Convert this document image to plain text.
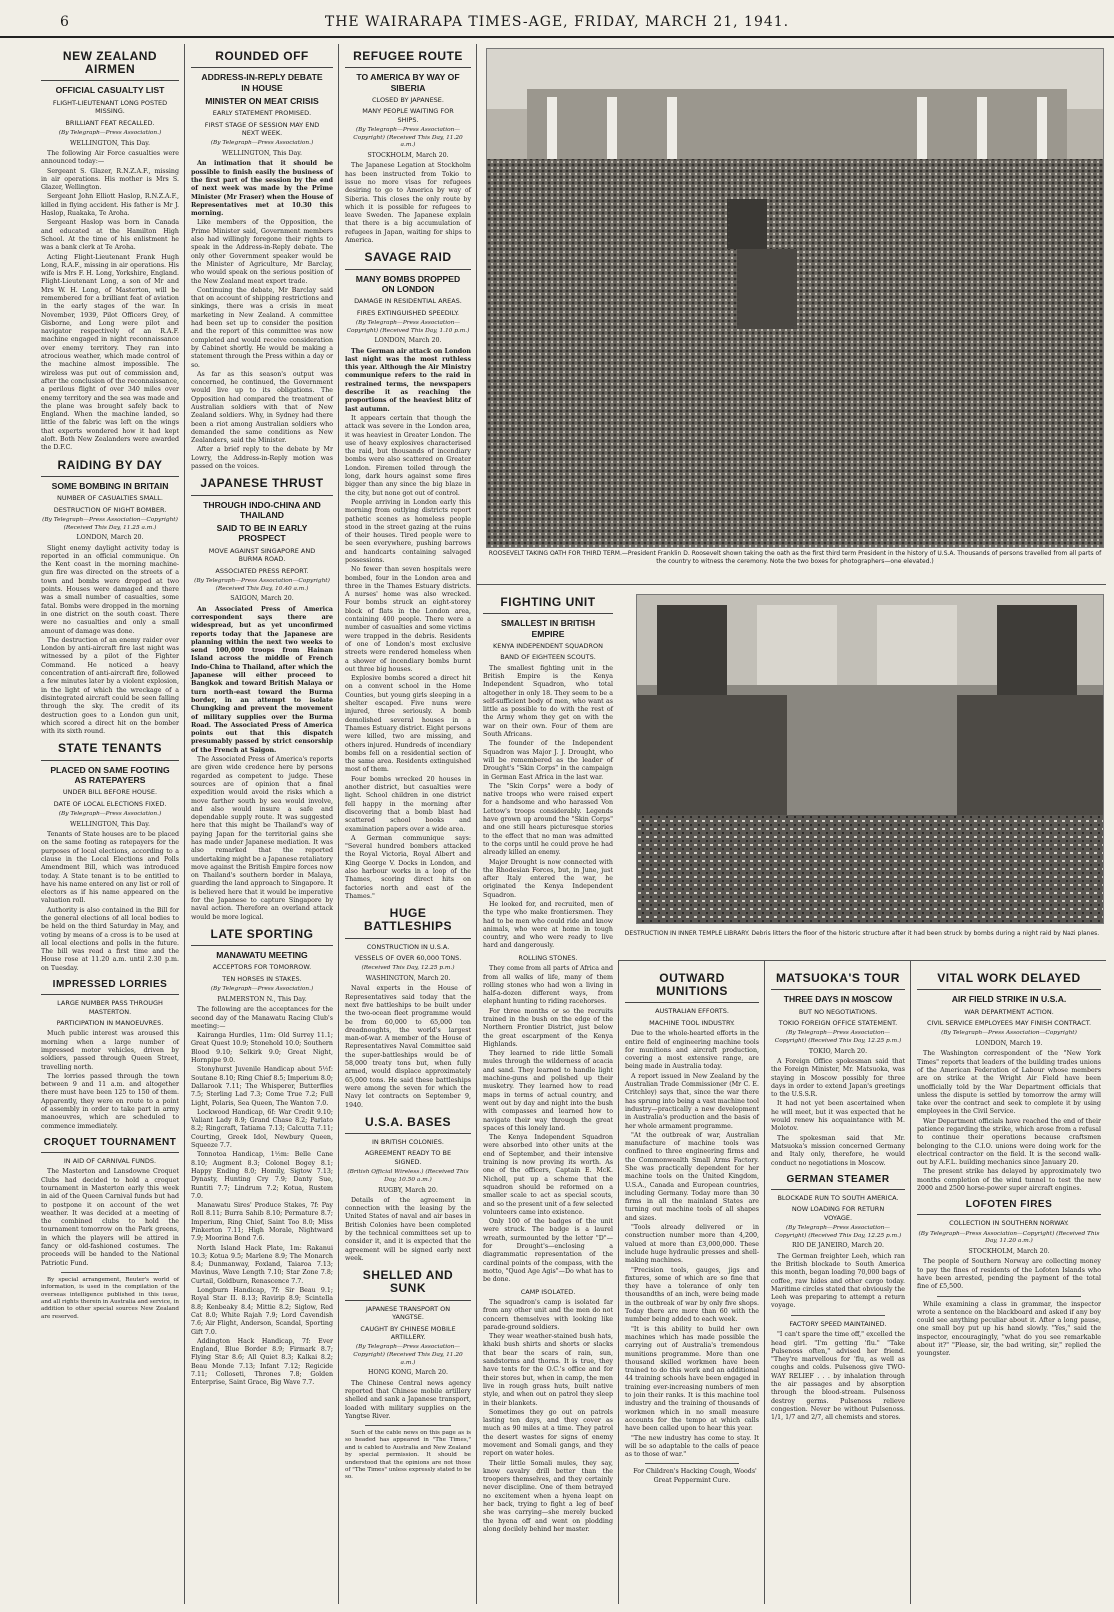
6	THE WAIRARAPA TIMES-AGE, FRIDAY, MARCH 21, 1941.
ROOSEVELT TAKING OATH FOR THIRD TERM.—President Franklin D. Roosevelt shown taking the oath as the first third term President in the history of U.S.A. Thousands of persons travelled from all parts of the country to witness the ceremony. Note the two boxes for photographers—one elevated.)
DESTRUCTION IN INNER TEMPLE LIBRARY. Debris litters the floor of the historic structure after it had been struck by bombs during a night raid by Nazi planes.
NEW ZEALAND AIRMEN
OFFICIAL CASUALTY LIST
FLIGHT-LIEUTENANT LONG POSTED MISSING.
BRILLIANT FEAT RECALLED.
(By Telegraph—Press Association.)
WELLINGTON, This Day.

The following Air Force casualties were announced today:—

Sergeant S. Glazer, R.N.Z.A.F., missing in air operations. His mother is Mrs S. Glazer, Wellington.

Sergeant John Elliott Haslop, R.N.Z.A.F., killed in flying accident. His father is Mr J. Haslop, Ruakaka, Te Aroha.

Sergeant Haslop was born in Canada and educated at the Hamilton High School. At the time of his enlistment he was a bank clerk at Te Aroha.

Acting Flight-Lieutenant Frank Hugh Long, R.A.F., missing in air operations. His wife is Mrs F. H. Long, Yorkshire, England. Flight-Lieutenant Long, a son of Mr and Mrs W. H. Long, of Masterton, will be remembered for a brilliant feat of aviation in the early stages of the war. In November, 1939, Pilot Officers Grey, of Gisborne, and Long were pilot and navigator respectively of an R.A.F. machine engaged in night reconnaissance over enemy territory. They ran into atrocious weather, which made control of the machine almost impossible. The wireless was put out of commission and, after the conclusion of the reconnaissance, a perilous flight of over 340 miles over enemy territory and the sea was made and the plane was brought safely back to England. When the machine landed, so little of the fabric was left on the wings that experts wondered how it had kept aloft. Both New Zealanders were awarded the D.F.C.

RAIDING BY DAY
SOME BOMBING IN BRITAIN
NUMBER OF CASUALTIES SMALL.
DESTRUCTION OF NIGHT BOMBER.
(By Telegraph—Press Association—Copyright) (Received This Day, 11.25 a.m.)
LONDON, March 20.

Slight enemy daylight activity today is reported in an official communique. On the Kent coast in the morning machine-gun fire was directed on the streets of a town and bombs were dropped at two points. Houses were damaged and there was a small number of casualties, some fatal. Bombs were dropped in the morning in one district on the south coast. There were no casualties and only a small amount of damage was done.

The destruction of an enemy raider over London by anti-aircraft fire last night was witnessed by a pilot of the Fighter Command. He noticed a heavy concentration of anti-aircraft fire, followed a few minutes later by a violent explosion, in the light of which the wreckage of a disintegrated aircraft could be seen falling through the sky. The credit of its destruction goes to a London gun unit, which scored a direct hit on the bomber with its sixth round.

STATE TENANTS
PLACED ON SAME FOOTING AS RATEPAYERS
UNDER BILL BEFORE HOUSE.
DATE OF LOCAL ELECTIONS FIXED.
(By Telegraph—Press Association.)
WELLINGTON, This Day.

Tenants of State houses are to be placed on the same footing as ratepayers for the purposes of local elections, according to a clause in the Local Elections and Polls Amendment Bill, which was introduced today. A State tenant is to be entitled to have his name entered on any list or roll of electors as if his name appeared on the valuation roll.

Authority is also contained in the Bill for the general elections of all local bodies to be held on the third Saturday in May, and voting by means of a cross is to be used at all local elections and polls in the future. The bill was read a first time and the House rose at 11.20 a.m. until 2.30 p.m. on Tuesday.

IMPRESSED LORRIES
LARGE NUMBER PASS THROUGH MASTERTON.
PARTICIPATION IN MANOEUVRES.

Much public interest was aroused this morning when a large number of impressed motor vehicles, driven by soldiers, passed through Queen Street, travelling north.

The lorries passed through the town between 9 and 11 a.m. and altogether there must have been 125 to 150 of them. Apparently, they were en route to a point of assembly in order to take part in army manoeuvres, which are scheduled to commence immediately.

CROQUET TOURNAMENT
IN AID OF CARNIVAL FUNDS.

The Masterton and Lansdowne Croquet Clubs had decided to hold a croquet tournament in Masterton early this week in aid of the Queen Carnival funds but had to postpone it on account of the wet weather. It was decided at a meeting of the combined clubs to hold the tournament tomorrow on the Park greens, in which the players will be attired in fancy or old-fashioned costumes. The proceeds will be handed to the National Patriotic Fund.

By special arrangement, Reuter's world of information, is used in the compilation of the overseas intelligence published in this issue, and all rights therein in Australia and service, in addition to other special sources New Zealand are reserved.

ROUNDED OFF
ADDRESS-IN-REPLY DEBATE IN HOUSE
MINISTER ON MEAT CRISIS
EARLY STATEMENT PROMISED.
FIRST STAGE OF SESSION MAY END NEXT WEEK.
(By Telegraph—Press Association.)
WELLINGTON, This Day.

An intimation that it should be possible to finish easily the business of the first part of the session by the end of next week was made by the Prime Minister (Mr Fraser) when the House of Representatives met at 10.30 this morning.

Like members of the Opposition, the Prime Minister said, Government members also had willingly foregone their rights to speak in the Address-in-Reply debate. The only other Government speaker would be the Minister of Agriculture, Mr Barclay, who would speak on the serious position of the New Zealand meat export trade.

Continuing the debate, Mr Barclay said that on account of shipping restrictions and sinkings, there was a crisis in meat marketing in New Zealand. A committee had been set up to consider the position and the report of this committee was now completed and would receive consideration by Cabinet shortly. He would be making a statement through the Press within a day or so.

As far as this season's output was concerned, he continued, the Government would live up to its obligations. The Opposition had compared the treatment of Australian soldiers with that of New Zealand soldiers. Why, in Sydney had there been a riot among Australian soldiers who demanded the same conditions as New Zealanders, said the Minister.

After a brief reply to the debate by Mr Lowry, the Address-in-Reply motion was passed on the voices.

JAPANESE THRUST
THROUGH INDO-CHINA AND THAILAND
SAID TO BE IN EARLY PROSPECT
MOVE AGAINST SINGAPORE AND BURMA ROAD.
ASSOCIATED PRESS REPORT.
(By Telegraph—Press Association—Copyright) (Received This Day, 10.40 a.m.)
SAIGON, March 20.

An Associated Press of America correspondent says there are widespread, but as yet unconfirmed reports today that the Japanese are planning within the next two weeks to send 100,000 troops from Hainan Island across the middle of French Indo-China to Thailand, after which the Japanese will either proceed to Bangkok and toward British Malaya or turn north-east toward the Burma border, in an attempt to isolate Chungking and prevent the movement of military supplies over the Burma Road. The Associated Press of America points out that this dispatch presumably passed by strict censorship of the French at Saigon.

The Associated Press of America's reports are given wide credence here by persons regarded as competent to judge. These sources are of opinion that a final expedition would avoid the risks which a move farther south by sea would involve, and also would insure a safe and dependable supply route. It was suggested here that this might be Thailand's way of paying Japan for the territorial gains she has made under Japanese mediation. It was also remarked that the reported undertaking might be a Japanese retaliatory move against the British Empire forces now on Thailand's southern border in Malaya, guarding the land approach to Singapore. It is believed here that it would be imperative for the Japanese to capture Singapore by naval action. Therefore an overland attack would be more logical.

LATE SPORTING
MANAWATU MEETING
ACCEPTORS FOR TOMORROW.
TEN HORSES IN STAKES.
(By Telegraph—Press Association.)
PALMERSTON N., This Day.

The following are the acceptances for the second day of the Manawatu Racing Club's meeting:—

Kairanga Hurdles, 11m: Old Surrey 11.1; Great Quest 10.9; Stonehold 10.0; Southern Blood 9.10; Selkirk 9.0; Great Night, Hornpipe 9.0.

Stonyhurst Juvenile Handicap about 5½f: Soutane 8.10; Ring Chief 8.5; Imperium 8.0; Dallarook 7.11; The Whisperer, Butterflies 7.5; Sterling Lad 7.3; Come True 7.2; Full Light, Polaris, Sea Queen, The Wanton 7.0.

Lockwood Handicap, 6f: War Credit 9.10; Valiant Lady 8.9; Grand Chase 8.2; Parlato 8.2; Ringcraft, Tatiama 7.13; Calcutta 7.11; Courting, Greek Idol, Newbury Queen, Squeeze 7.7.

Tonnotoa Handicap, 1½m: Belle Cane 8.10; Augment 8.3; Colonel Bogey 8.1; Happy Ending 8.0; Homily, Sigtow 7.13; Dynasty, Hunting Cry 7.9; Danty Sue, Runtiti 7.7; Lindrum 7.2; Kotua, Rustem 7.0.

Manawatu Sires' Produce Stakes, 7f: Pay Roll 8.11; Burra Sahib 8.10; Permature 8.7; Imperium, Ring Chief, Saint Too 8.0; Miss Pinkerton 7.11; High Morale, Nightward 7.9; Moorina Bond 7.6.

North Island Hack Plate, 1m: Rakanui 10.3; Kotua 9.5; Marlene 8.9; The Monarch 8.4; Dunmanway, Foxland, Taiaroa 7.13; Mavinus, Wave Length 7.10; Star Zone 7.8; Curtail, Goldburn, Renascence 7.7.

Longburn Handicap, 7f: Sir Beau 9.1; Royal Star II. 8.13; Ravirip 8.9; Scintella 8.8; Kenbeaky 8.4; Mittie 8.2; Siglow, Red Cat 8.0; White Rajah 7.9; Lord Cavendish 7.6; Air Flight, Anderson, Scandal, Sporting Gift 7.0.

Addington Hack Handicap, 7f: Ever England, Blue Border 8.9; Firmark 8.7; Flying Star 8.6; All Quiet 8.3; Kalkai 8.2; Beau Monde 7.13; Infant 7.12; Regicide 7.11; Colloseti, Thrones 7.8; Golden Enterprise, Saint Grace, Big Wave 7.7.

REFUGEE ROUTE
TO AMERICA BY WAY OF SIBERIA
CLOSED BY JAPANESE.
MANY PEOPLE WAITING FOR SHIPS.
(By Telegraph—Press Association—Copyright) (Received This Day, 11.20 a.m.)
STOCKHOLM, March 20.

The Japanese Legation at Stockholm has been instructed from Tokio to issue no more visas for refugees desiring to go to America by way of Siberia. This closes the only route by which it is possible for refugees to leave Sweden. The Japanese explain that there is a big accumulation of refugees in Japan, waiting for ships to America.

SAVAGE RAID
MANY BOMBS DROPPED ON LONDON
DAMAGE IN RESIDENTIAL AREAS.
FIRES EXTINGUISHED SPEEDILY.
(By Telegraph—Press Association—Copyright) (Received This Day, 1.10 p.m.)
LONDON, March 20.

The German air attack on London last night was the most ruthless this year. Although the Air Ministry communique refers to the raid in restrained terms, the newspapers describe it as reaching the proportions of the heaviest blitz of last autumn.

It appears certain that though the attack was severe in the London area, it was heaviest in Greater London. The use of heavy explosives characterised the raid, but thousands of incendiary bombs were also scattered on Greater London. Firemen toiled through the long, dark hours against some fires bigger than any since the big blaze in the city, but none got out of control.

People arriving in London early this morning from outlying districts report pathetic scenes as homeless people stood in the street gazing at the ruins of their houses. Tired people were to be seen everywhere, pushing barrows and handcarts containing salvaged possessions.

No fewer than seven hospitals were bombed, four in the London area and three in the Thames Estuary districts. A nurses' home was also wrecked. Four bombs struck an eight-storey block of flats in the London area, containing 400 people. There were a number of casualties and some victims were trapped in the debris. Residents of one of London's most exclusive streets were rendered homeless when a shower of incendiary bombs burnt out three big houses.

Explosive bombs scored a direct hit on a convent school in the Home Counties, but young girls sleeping in a shelter escaped. Five nuns were injured, three seriously. A bomb demolished several houses in a Thames Estuary district. Eight persons were killed, two are missing, and others injured. Hundreds of incendiary bombs fell on a residential section of the same area. Residents extinguished most of them.

Four bombs wrecked 20 houses in another district, but casualties were light. School children in one district fell happy in the morning after discovering that a bomb blast had scattered school books and examination papers over a wide area.

A German communique says: "Several hundred bombers attacked the Royal Victoria, Royal Albert and King George V. Docks in London, and also harbour works in a loop of the Thames, scoring direct hits on factories north and east of the Thames."

HUGE BATTLESHIPS
CONSTRUCTION IN U.S.A.
VESSELS OF OVER 60,000 TONS.
(Received This Day, 12.25 p.m.)
WASHINGTON, March 20.

Naval experts in the House of Representatives said today that the next five battleships to be built under the two-ocean fleet programme would be from 60,000 to 65,000 ton dreadnoughts, the world's largest man-of-war. A member of the House of Representatives Naval Committee said the super-battleships would be of 58,000 treaty tons but, when fully armed, would displace approximately 65,000 tons. He said these battleships were among the seven for which the Navy let contracts on September 9, 1940.

U.S.A. BASES
IN BRITISH COLONIES.
AGREEMENT READY TO BE SIGNED.
(British Official Wireless.) (Received This Day, 10.50 a.m.)
RUGBY, March 20.

Details of the agreement in connection with the leasing by the United States of naval and air bases in British Colonies have been completed by the technical committees set up to consider it, and it is expected that the agreement will be signed early next week.

SHELLED AND SUNK
JAPANESE TRANSPORT ON YANGTSE.
CAUGHT BY CHINESE MOBILE ARTILLERY.
(By Telegraph—Press Association—Copyright) (Received This Day, 11.20 a.m.)
HONG KONG, March 20.

The Chinese Central news agency reported that Chinese mobile artillery shelled and sank a Japanese transport, loaded with military supplies on the Yangtse River.

Such of the cable news on this page as is so headed has appeared in "The Times," and is cabled to Australia and New Zealand by special permission. It should be understood that the opinions are not those of "The Times" unless expressly stated to be so.

FIGHTING UNIT
SMALLEST IN BRITISH EMPIRE
KENYA INDEPENDENT SQUADRON
BAND OF EIGHTEEN SCOUTS.

The smallest fighting unit in the British Empire is the Kenya Independent Squadron, who total altogether in only 18. They seem to be a self-sufficient body of men, who want as little as possible to do with the rest of the Army whom they get on with the war on their own. Four of them are South Africans.

The founder of the Independent Squadron was Major J. J. Drought, who will be remembered as the leader of Drought's "Skin Corps" in the campaign in German East Africa in the last war.

The "Skin Corps" were a body of native troops who were raised expert for a handsome and who harassed Von Lettow's troops considerably. Legends have grown up around the "Skin Corps" and one still hears picturesque stories to the effect that no man was admitted to the corps until he could prove he had already killed an enemy.

Major Drought is now connected with the Rhodesian Forces, but, in June, just after Italy entered the war, he originated the Kenya Independent Squadron.

He looked for, and recruited, men of the type who make frontiersmen. They had to be men who could ride and know animals, who were at home in tough country, and who were ready to live hard and dangerously.

ROLLING STONES.

They come from all parts of Africa and from all walks of life, many of them rolling stones who had won a living in half-a-dozen different ways, from elephant hunting to riding racehorses.

For three months or so the recruits trained in the bush on the edge of the Northern Frontier District, just below the great escarpment of the Kenya Highlands.

They learned to ride little Somali mules through the wilderness of acacia and sand. They learned to handle light machine-guns and polished up their musketry. They learned how to read maps in terms of actual country, and went out by day and night into the bush with compasses and learned how to navigate their way through the great spaces of this lonely land.

The Kenya Independent Squadron were absorbed into other units at the end of September, and their intensive training is now proving its worth. As one of the officers, Captain E. McK. Nicholl, put up a scheme that the squadron should be reformed on a smaller scale to act as special scouts, and so the present unit of a few selected volunteers came into existence.

Only 100 of the badges of the unit were struck. The badge is a laurel wreath, surmounted by the letter "D"—for Drought's—enclosing a diagrammatic representation of the cardinal points of the compass, with the motto, "Quod Age Agis"—Do what has to be done.

CAMP ISOLATED.

The squadron's camp is isolated far from any other unit and the men do not concern themselves with looking like parade-ground soldiers.

They wear weather-stained bush hats, khaki bush shirts and shorts or slacks that bear the scars of rain, sun, sandstorms and thorns. It is true, they have tents for the O.C.'s office and for their stores but, when in camp, the men live in rough grass huts, built native style, and when out on patrol they sleep in their blankets.

Sometimes they go out on patrols lasting ten days, and they cover as much as 90 miles at a time. They patrol the desert wastes for signs of enemy movement and Somali gangs, and they report on water holes.

Their little Somali mules, they say, know cavalry drill better than the troopers themselves, and they certainly never discipline. One of them betrayed no excitement when a hyena leapt on her back, trying to fight a leg of beef she was carrying—she merely bucked the hyena off and went on plodding along docilely behind her master.

OUTWARD MUNITIONS
AUSTRALIAN EFFORTS.
MACHINE TOOL INDUSTRY.

Due to the whole-hearted efforts in the entire field of engineering machine tools for munitions and aircraft production, covering a most extensive range, are being made in Australia today.

A report issued in New Zealand by the Australian Trade Commissioner (Mr C. E. Critchley) says that, since the war there has sprung into being a vast machine tool industry—practically a new development in Australia's production and the basis of her whole armament programme.

"At the outbreak of war, Australian manufacture of machine tools was confined to three engineering firms and the Commonwealth Small Arms Factory. She was practically dependent for her machine tools on the United Kingdom, U.S.A., Canada and European countries, including Germany. Today more than 30 firms in all the mainland States are turning out machine tools of all shapes and sizes.

"Tools already delivered or in construction number more than 4,200, valued at more than £3,000,000. These include huge hydraulic presses and shell-making machines.

"Precision tools, gauges, jigs and fixtures, some of which are so fine that they have a tolerance of only ten thousandths of an inch, were being made in the outbreak of war by only five shops. Today there are more than 60 with the number being added to each week.

"It is this ability to build her own machines which has made possible the carrying out of Australia's tremendous munitions programme. More than one thousand skilled workmen have been trained to do this work and an additional 44 training schools have been engaged in training ever-increasing numbers of men to join their ranks. It is this machine tool industry and the training of thousands of workmen which in no small measure accounts for the tempo at which calls have been called upon to hear this year.

"The new industry has come to stay. It will be so adaptable to the calls of peace as to those of war."

For Children's Hacking Cough, Woods' Great Peppermint Cure.

MATSUOKA'S TOUR
THREE DAYS IN MOSCOW
BUT NO NEGOTIATIONS.
TOKIO FOREIGN OFFICE STATEMENT.
(By Telegraph—Press Association—Copyright) (Received This Day, 12.25 p.m.)
TOKIO, March 20.

A Foreign Office spokesman said that the Foreign Minister, Mr. Matsuoka, was staying in Moscow possibly for three days in order to extend Japan's greetings to the U.S.S.R.

It had not yet been ascertained when he will meet, but it was expected that he would renew his acquaintance with M. Molotov.

The spokesman said that Mr. Matsuoka's mission concerned Germany and Italy only, therefore, he would conduct no negotiations in Moscow.

GERMAN STEAMER
BLOCKADE RUN TO SOUTH AMERICA.
NOW LOADING FOR RETURN VOYAGE.
(By Telegraph—Press Association—Copyright) (Received This Day, 12.25 p.m.)
RIO DE JANEIRO, March 20.

The German freighter Leeh, which ran the British blockade to South America this month, began loading 70,000 bags of coffee, raw hides and other cargo today. Maritime circles stated that obviously the Leeh was preparing to attempt a return voyage.

FACTORY SPEED MAINTAINED.

"I can't spare the time off," excelled the head girl. "I'm getting 'flu." "Take Pulsenoss often," advised her friend. "They're marvellous for 'flu, as well as coughs and colds. Pulsenoss give TWO-WAY RELIEF . . . by inhalation through the air passages and by absorption through the blood-stream. Pulsenoss destroy germs. Pulsenoss relieve congestion. Never be without Pulsenoss. 1/1, 1/7 and 2/7, all chemists and stores.

VITAL WORK DELAYED
AIR FIELD STRIKE IN U.S.A.
WAR DEPARTMENT ACTION.
CIVIL SERVICE EMPLOYEES MAY FINISH CONTRACT.
(By Telegraph—Press Association—Copyright)
LONDON, March 19.

The Washington correspondent of the "New York Times" reports that leaders of the building trades unions of the American Federation of Labour whose members are on strike at the Wright Air Field have been unofficially told by the War Department officials that unless the dispute is settled by tomorrow the army will take over the contract and seek to complete it by using employees in the Civil Service.

War Department officials have reached the end of their patience regarding the strike, which arose from a refusal to continue their operations because craftsmen belonging to the C.I.O. unions were doing work for the electrical contractor on the field. It is the second walk-out by A.F.L. building mechanics since January 20.

The present strike has delayed by approximately two months completion of the wind tunnel to test the new 2000 and 2500 horse-power super aircraft engines.

LOFOTEN FIRES
COLLECTION IN SOUTHERN NORWAY.
(By Telegraph—Press Association—Copyright) (Received This Day, 11.20 a.m.)
STOCKHOLM, March 20.

The people of Southern Norway are collecting money to pay the fines of residents of the Lofoten Islands who have been arrested, pending the payment of the total fine of £5,500.

While examining a class in grammar, the inspector wrote a sentence on the blackboard and asked if any boy could see anything peculiar about it. After a long pause, one small boy put up his hand slowly. "Yes," said the inspector, encouragingly, "what do you see remarkable about it?" "Please, sir, the bad writing, sir," replied the youngster.
